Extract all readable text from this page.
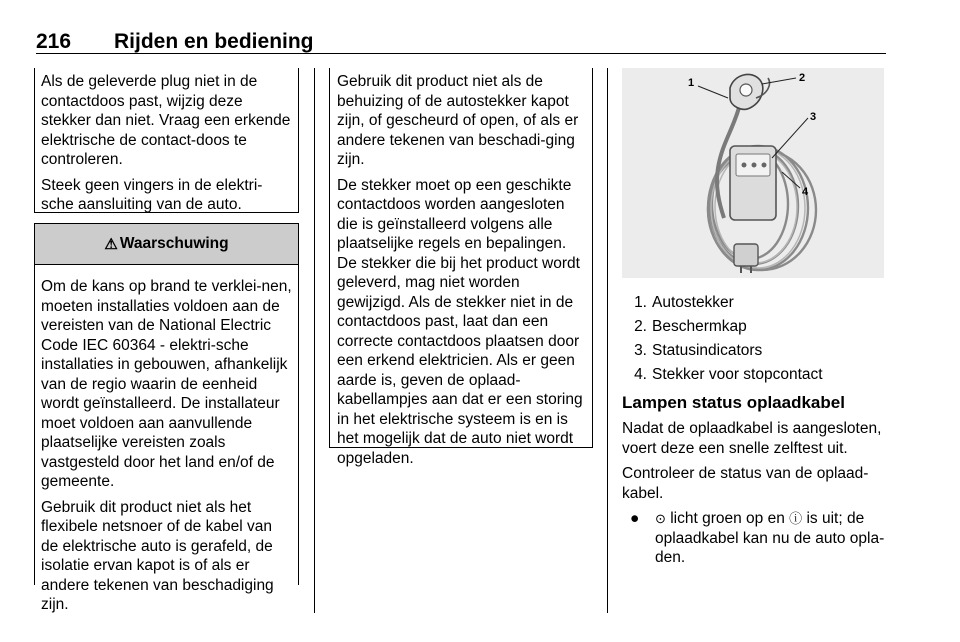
216 Rijden en bediening

Als de geleverde plug niet in de contactdoos past, wijzig deze stekker dan niet. Vraag een erkende elektrische de contact-doos te controleren.

Steek geen vingers in de elektri-sche aansluiting van de auto.

⚠ Waarschuwing

Om de kans op brand te verklei-nen, moeten installaties voldoen aan de vereisten van de National Electric Code IEC 60364 - elektri-sche installaties in gebouwen, afhankelijk van de regio waarin de eenheid wordt geïnstalleerd. De installateur moet voldoen aan aanvullende plaatselijke vereisten zoals vastgesteld door het land en/of de gemeente.

Gebruik dit product niet als het flexibele netsnoer of de kabel van de elektrische auto is gerafeld, de isolatie ervan kapot is of als er andere tekenen van beschadiging zijn.

Gebruik dit product niet als de behuizing of de autostekker kapot zijn, of gescheurd of open, of als er andere tekenen van beschadi-ging zijn.

De stekker moet op een geschikte contactdoos worden aangesloten die is geïnstalleerd volgens alle plaatselijke regels en bepalingen. De stekker die bij het product wordt geleverd, mag niet worden gewijzigd. Als de stekker niet in de contactdoos past, laat dan een correcte contactdoos plaatsen door een erkend elektricien. Als er geen aarde is, geven de oplaad-kabellampjes aan dat er een storing in het elektrische systeem is en is het mogelijk dat de auto niet wordt opgeladen.

1	2
3
4
1. Autostekker
2. Beschermkap
3. Statusindicators
4. Stekker voor stopcontact
Lampen status oplaadkabel

Nadat de oplaadkabel is aangesloten, voert deze een snelle zelftest uit.

Controleer de status van de oplaad-kabel.

●	⊙ licht groen op en ⓘ is uit; de oplaadkabel kan nu de auto opla-den.
